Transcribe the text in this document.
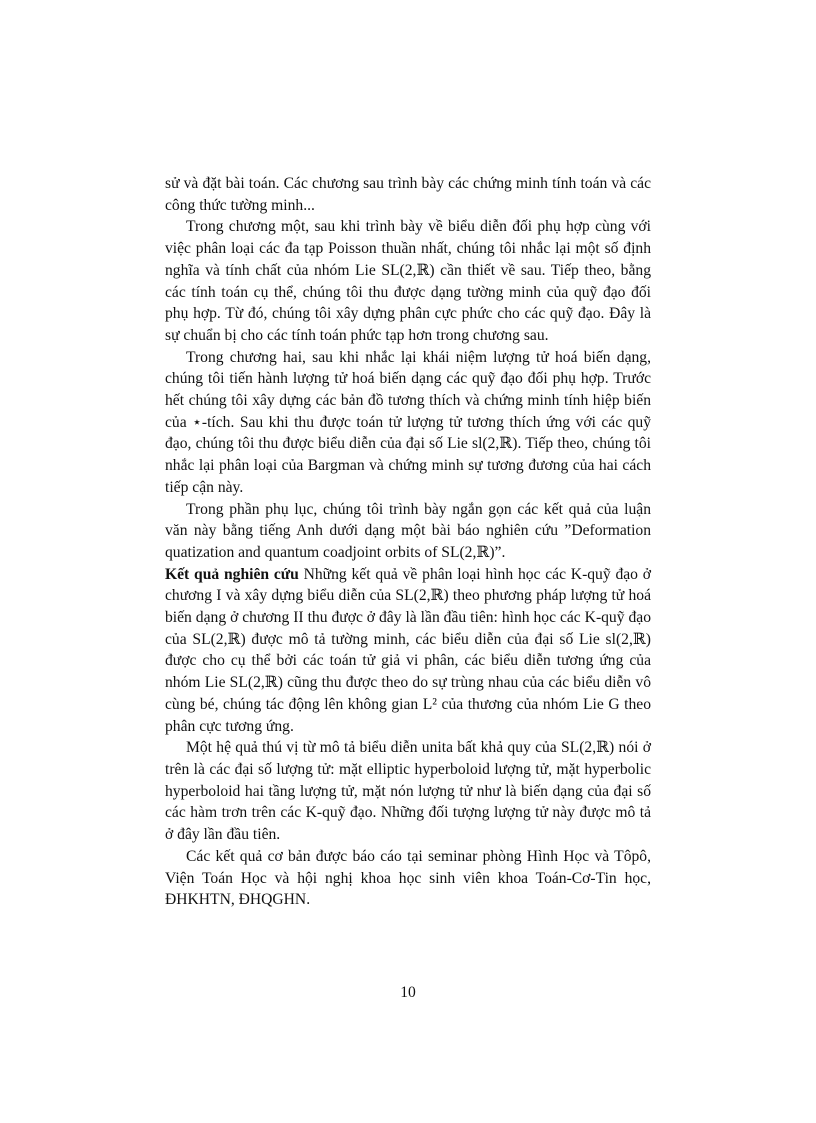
sử và đặt bài toán. Các chương sau trình bày các chứng minh tính toán và các công thức tường minh...

Trong chương một, sau khi trình bày về biểu diễn đối phụ hợp cùng với việc phân loại các đa tạp Poisson thuần nhất, chúng tôi nhắc lại một số định nghĩa và tính chất của nhóm Lie SL(2,ℝ) cần thiết về sau. Tiếp theo, bằng các tính toán cụ thể, chúng tôi thu được dạng tường minh của quỹ đạo đối phụ hợp. Từ đó, chúng tôi xây dựng phân cực phức cho các quỹ đạo. Đây là sự chuẩn bị cho các tính toán phức tạp hơn trong chương sau.

Trong chương hai, sau khi nhắc lại khái niệm lượng tử hoá biến dạng, chúng tôi tiến hành lượng tử hoá biến dạng các quỹ đạo đối phụ hợp. Trước hết chúng tôi xây dựng các bản đồ tương thích và chứng minh tính hiệp biến của ⋆-tích. Sau khi thu được toán tử lượng tử tương thích ứng với các quỹ đạo, chúng tôi thu được biểu diễn của đại số Lie sl(2,ℝ). Tiếp theo, chúng tôi nhắc lại phân loại của Bargman và chứng minh sự tương đương của hai cách tiếp cận này.

Trong phần phụ lục, chúng tôi trình bày ngắn gọn các kết quả của luận văn này bằng tiếng Anh dưới dạng một bài báo nghiên cứu ”Deformation quatization and quantum coadjoint orbits of SL(2,ℝ)”.

Kết quả nghiên cứu Những kết quả về phân loại hình học các K-quỹ đạo ở chương I và xây dựng biểu diễn của SL(2,ℝ) theo phương pháp lượng tử hoá biến dạng ở chương II thu được ở đây là lần đầu tiên: hình học các K-quỹ đạo của SL(2,ℝ) được mô tả tường minh, các biểu diễn của đại số Lie sl(2,ℝ) được cho cụ thể bởi các toán tử giả vi phân, các biểu diễn tương ứng của nhóm Lie SL(2,ℝ) cũng thu được theo do sự trùng nhau của các biểu diễn vô cùng bé, chúng tác động lên không gian L² của thương của nhóm Lie G theo phân cực tương ứng.

Một hệ quả thú vị từ mô tả biểu diễn unita bất khả quy của SL(2,ℝ) nói ở trên là các đại số lượng tử: mặt elliptic hyperboloid lượng tử, mặt hyperbolic hyperboloid hai tầng lượng tử, mặt nón lượng tử như là biến dạng của đại số các hàm trơn trên các K-quỹ đạo. Những đối tượng lượng tử này được mô tả ở đây lần đầu tiên.

Các kết quả cơ bản được báo cáo tại seminar phòng Hình Học và Tôpô, Viện Toán Học và hội nghị khoa học sinh viên khoa Toán-Cơ-Tin học, ĐHKHTN, ĐHQGHN.

10
